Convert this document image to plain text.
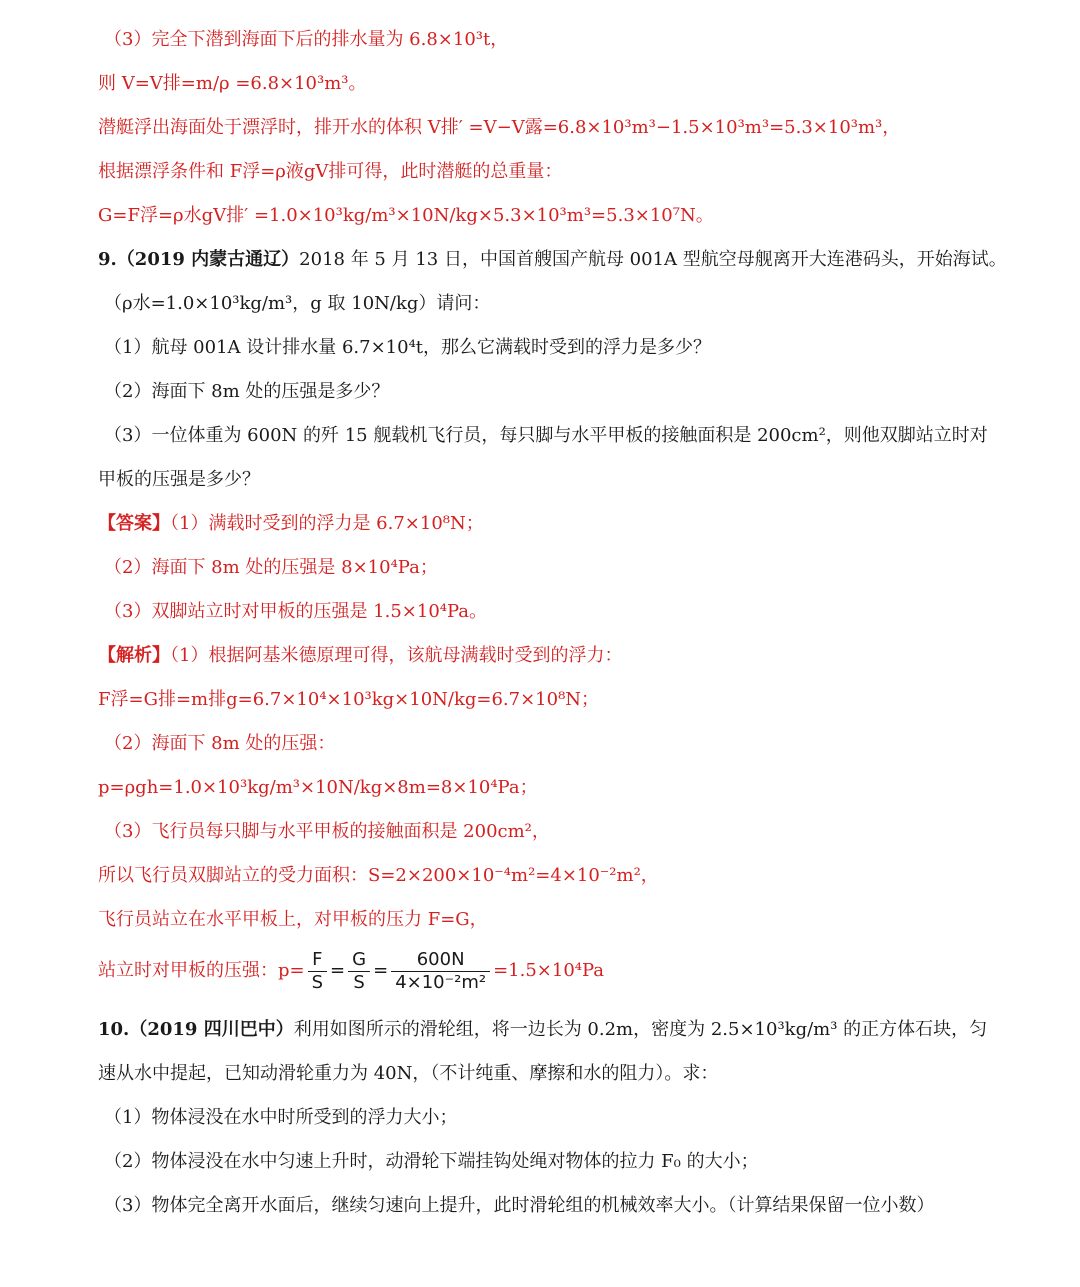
（3）完全下潜到海面下后的排水量为 6.8×10³t，
则 V=V排=m/ρ =6.8×10³m³。
潜艇浮出海面处于漂浮时，排开水的体积 V排′ =V−V露=6.8×10³m³−1.5×10³m³=5.3×10³m³，
根据漂浮条件和 F浮=ρ液gV排可得，此时潜艇的总重量：
G=F浮=ρ水gV排′ =1.0×10³kg/m³×10N/kg×5.3×10³m³=5.3×10⁷N。
9.（2019 内蒙古通辽）2018 年 5 月 13 日，中国首艘国产航母 001A 型航空母舰离开大连港码头，开始海试。
（ρ水=1.0×10³kg/m³，g 取 10N/kg）请问：
（1）航母 001A 设计排水量 6.7×10⁴t，那么它满载时受到的浮力是多少？
（2）海面下 8m 处的压强是多少？
（3）一位体重为 600N 的歼 15 舰载机飞行员，每只脚与水平甲板的接触面积是 200cm²，则他双脚站立时对
甲板的压强是多少？
【答案】（1）满载时受到的浮力是 6.7×10⁸N；
（2）海面下 8m 处的压强是 8×10⁴Pa；
（3）双脚站立时对甲板的压强是 1.5×10⁴Pa。
【解析】（1）根据阿基米德原理可得，该航母满载时受到的浮力：
F浮=G排=m排g=6.7×10⁴×10³kg×10N/kg=6.7×10⁸N；
（2）海面下 8m 处的压强：
p=ρgh=1.0×10³kg/m³×10N/kg×8m=8×10⁴Pa；
（3）飞行员每只脚与水平甲板的接触面积是 200cm²，
所以飞行员双脚站立的受力面积：S=2×200×10⁻⁴m²=4×10⁻²m²，
飞行员站立在水平甲板上，对甲板的压力 F=G，
站立时对甲板的压强：$p= \frac{F}{S} = \frac{G}{S} = \frac{600N}{\text{4×10⁻²m²}} =1.5\times 10^4Pa$
10.（2019 四川巴中）利用如图所示的滑轮组，将一边长为 0.2m，密度为 2.5×10³kg/m³ 的正方体石块，匀
速从水中提起，已知动滑轮重力为 40N，（不计纯重、摩擦和水的阻力）。求：
（1）物体浸没在水中时所受到的浮力大小；
（2）物体浸没在水中匀速上升时，动滑轮下端挂钩处绳对物体的拉力 F₀ 的大小；
（3）物体完全离开水面后，继续匀速向上提升，此时滑轮组的机械效率大小。（计算结果保留一位小数）
